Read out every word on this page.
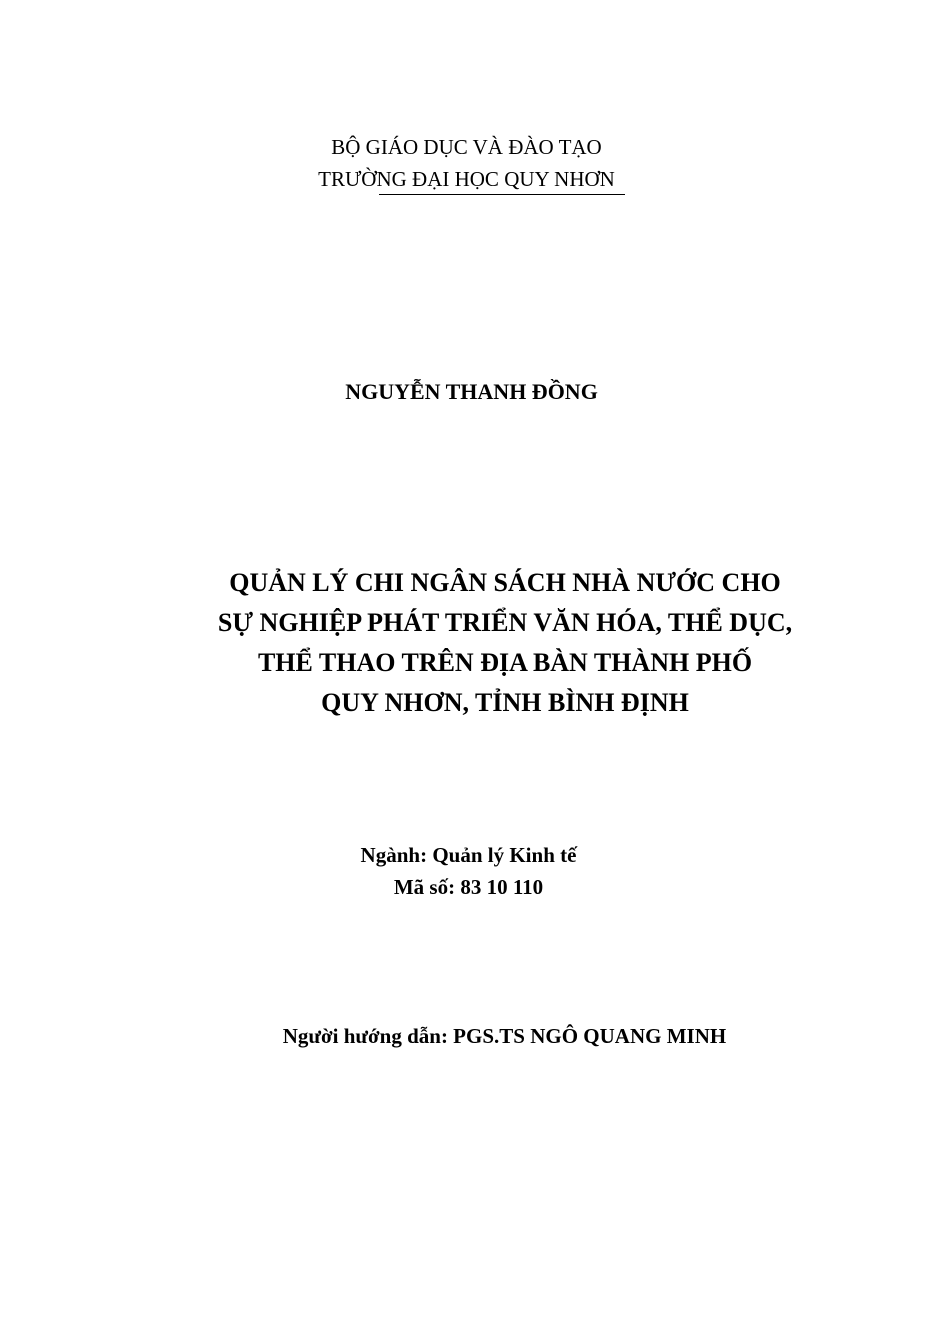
BỘ GIÁO DỤC VÀ ĐÀO TẠO
TRƯỜNG ĐẠI HỌC QUY NHƠN
NGUYỄN THANH ĐỒNG
QUẢN LÝ CHI NGÂN SÁCH NHÀ NƯỚC CHO
SỰ NGHIỆP PHÁT TRIỂN VĂN HÓA, THỂ DỤC,
THỂ THAO TRÊN ĐỊA BÀN THÀNH PHỐ
QUY NHƠN, TỈNH BÌNH ĐỊNH
Ngành: Quản lý Kinh tế
Mã số: 83 10 110
Người hướng dẫn: PGS.TS NGÔ QUANG MINH
